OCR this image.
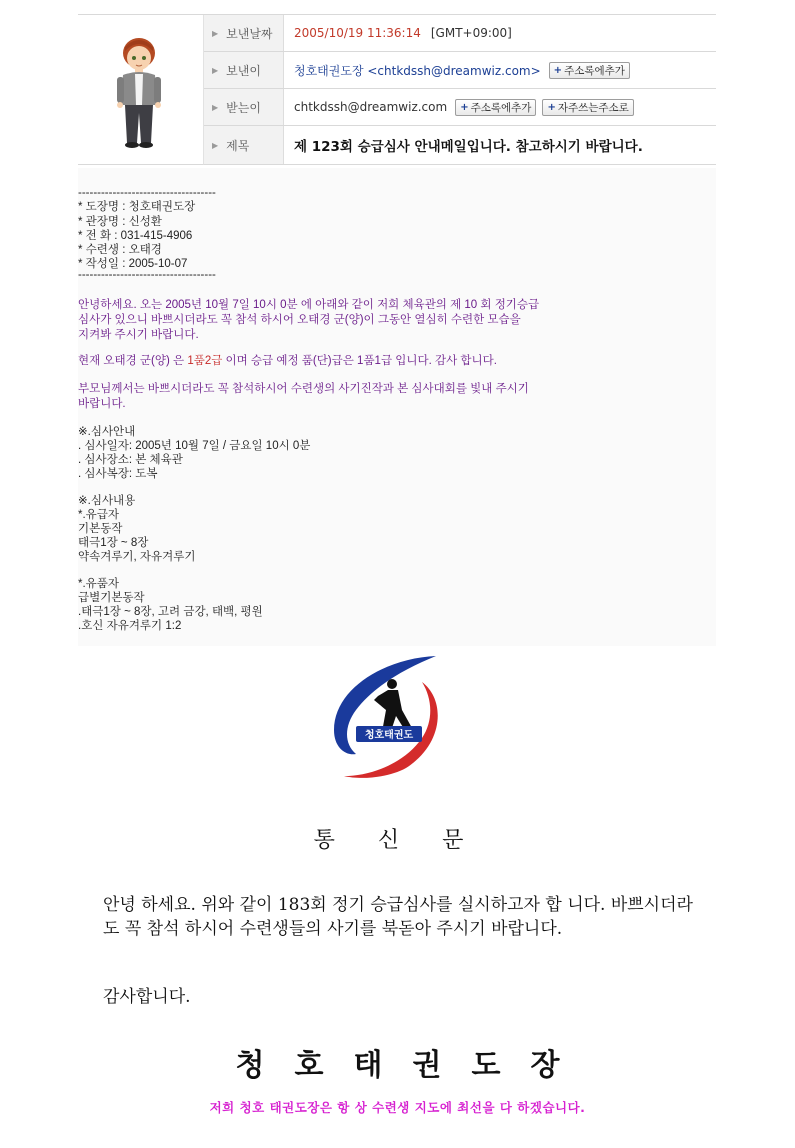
▶ 보낸날짜 2005/10/19 11:36:14 [GMT+09:00]
▶ 보낸이	청호태권도장 <chtkdssh@dreamwiz.com> + 주소록에추가
▶ 받는이	chtkdssh@dreamwiz.com + 주소록에추가 + 자주쓰는주소로
▶ 제목	제 123회 승급심사 안내메일입니다. 참고하시기 바랍니다.
------------------------------------
* 도장명 : 청호태권도장
* 관장명 : 신성환
* 전 화 : 031-415-4906
* 수련생 : 오태경
* 작성일 : 2005-10-07
------------------------------------
안녕하세요. 오는 2005년 10월 7일 10시 0분 에 아래와 같이 저희 체육관의 제 10 회 정기승급
심사가 있으니 바쁘시더라도 꼭 참석 하시어 오태경 군(양)이 그동안 열심히 수련한 모습을
지켜봐 주시기 바랍니다.
현재 오태경 군(양) 은 1품2급 이며 승급 예정 품(단)급은 1품1급 입니다. 감사 합니다.
부모님께서는 바쁘시더라도 꼭 참석하시어 수련생의 사기진작과 본 심사대회를 빛내 주시기
바랍니다.
※.심사안내
. 심사일자: 2005년 10월 7일 / 금요일 10시 0분
. 심사장소: 본 체육관
. 심사복장: 도복
※.심사내용
*.유급자
기본동작
태극1장 ~ 8장
약속겨루기, 자유겨루기
*.유품자
급별기본동작
.태극1장 ~ 8장, 고려 금강, 태백, 평원
.호신 자유겨루기 1:2
청호태권도
통 신 문
안녕 하세요. 위와 같이 183회 정기 승급심사를 실시하고자 합 니다. 바쁘시더라도 꼭 참석 하시어 수련생들의 사기를 북돋아 주시기 바랍니다.
감사합니다.
청호태권도장
저희 청호 태권도장은 항 상 수련생 지도에 최선을 다 하겠습니다.
